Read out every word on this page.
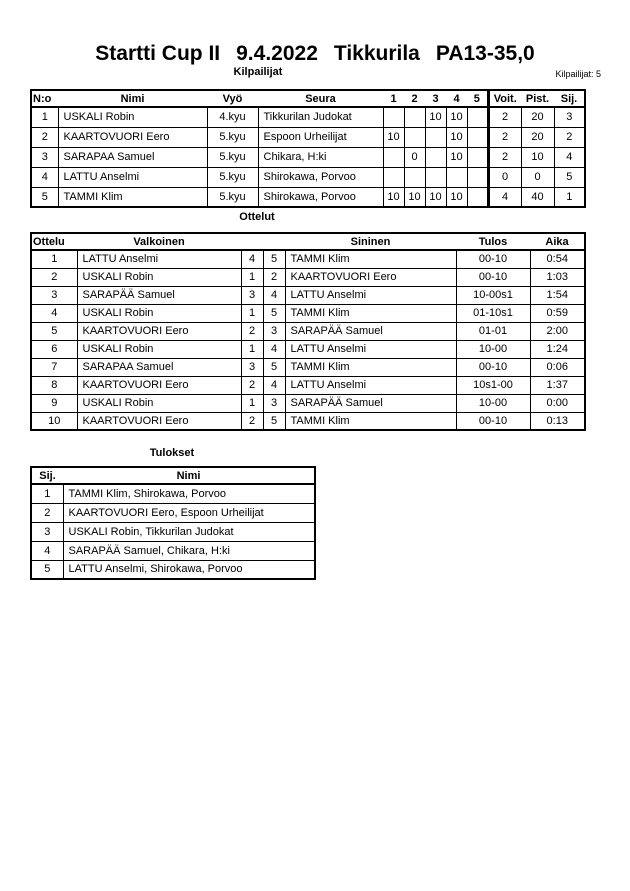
Startti Cup II 9.4.2022 Tikkurila PA13-35,0
Kilpailijat	Kilpailijat: 5
N:o	Nimi	Vyö	Seura	1	2	3	4	5	Voit.	Pist.	Sij.
1	USKALI Robin	4.kyu	Tikkurilan Judokat			10	10		2	20	3
2	KAARTOVUORI Eero	5.kyu	Espoon Urheilijat	10			10		2	20	2
3	SARAPAA Samuel	5.kyu	Chikara, H:ki		0		10		2	10	4
4	LATTU Anselmi	5.kyu	Shirokawa, Porvoo						0	0	5
5	TAMMI Klim	5.kyu	Shirokawa, Porvoo	10	10	10	10		4	40	1
Ottelut
Ottelu	Valkoinen			Sininen	Tulos	Aika
1	LATTU Anselmi	4	5	TAMMI Klim	00-10	0:54
2	USKALI Robin	1	2	KAARTOVUORI Eero	00-10	1:03
3	SARAPÄÄ Samuel	3	4	LATTU Anselmi	10-00s1	1:54
4	USKALI Robin	1	5	TAMMI Klim	01-10s1	0:59
5	KAARTOVUORI Eero	2	3	SARAPÄÄ Samuel	01-01	2:00
6	USKALI Robin	1	4	LATTU Anselmi	10-00	1:24
7	SARAPAA Samuel	3	5	TAMMI Klim	00-10	0:06
8	KAARTOVUORI Eero	2	4	LATTU Anselmi	10s1-00	1:37
9	USKALI Robin	1	3	SARAPÄÄ Samuel	10-00	0:00
10	KAARTOVUORI Eero	2	5	TAMMI Klim	00-10	0:13
Tulokset
Sij.	Nimi
1	TAMMI Klim, Shirokawa, Porvoo
2	KAARTOVUORI Eero, Espoon Urheilijat
3	USKALI Robin, Tikkurilan Judokat
4	SARAPÄÄ Samuel, Chikara, H:ki
5	LATTU Anselmi, Shirokawa, Porvoo
